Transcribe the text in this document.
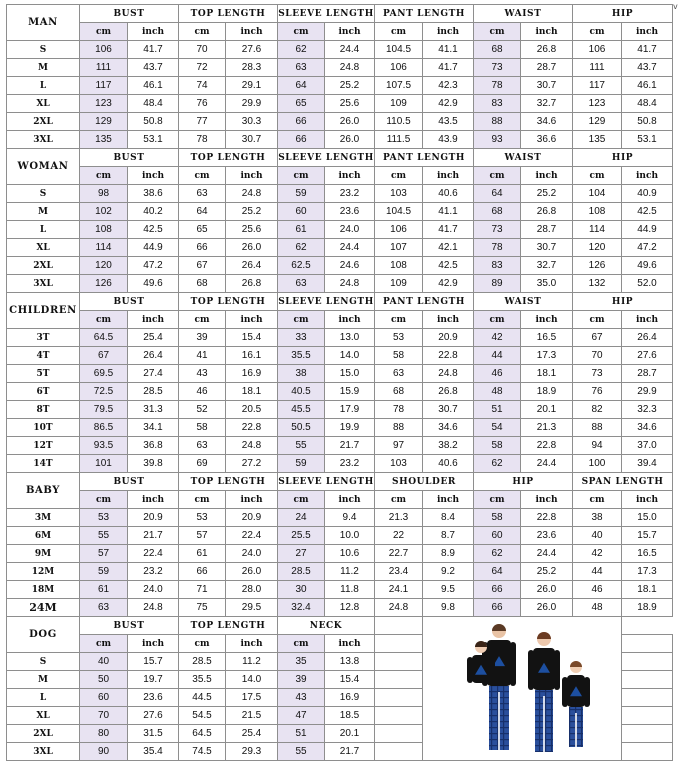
MAN	BUST		TOP LENGTH		SLEEVE LENGTH		PANT LENGTH		WAIST		HIP	
	cm	inch	cm	inch	cm	inch	cm	inch	cm	inch	cm	inch
S	106	41.7	70	27.6	62	24.4	104.5	41.1	68	26.8	106	41.7
M	111	43.7	72	28.3	63	24.8	106	41.7	73	28.7	111	43.7
L	117	46.1	74	29.1	64	25.2	107.5	42.3	78	30.7	117	46.1
XL	123	48.4	76	29.9	65	25.6	109	42.9	83	32.7	123	48.4
2XL	129	50.8	77	30.3	66	26.0	110.5	43.5	88	34.6	129	50.8
3XL	135	53.1	78	30.7	66	26.0	111.5	43.9	93	36.6	135	53.1
WOMAN	BUST		TOP LENGTH		SLEEVE LENGTH		PANT LENGTH		WAIST		HIP	
	cm	inch	cm	inch	cm	inch	cm	inch	cm	inch	cm	inch
S	98	38.6	63	24.8	59	23.2	103	40.6	64	25.2	104	40.9
M	102	40.2	64	25.2	60	23.6	104.5	41.1	68	26.8	108	42.5
L	108	42.5	65	25.6	61	24.0	106	41.7	73	28.7	114	44.9
XL	114	44.9	66	26.0	62	24.4	107	42.1	78	30.7	120	47.2
2XL	120	47.2	67	26.4	62.5	24.6	108	42.5	83	32.7	126	49.6
3XL	126	49.6	68	26.8	63	24.8	109	42.9	89	35.0	132	52.0
CHILDREN	BUST		TOP LENGTH		SLEEVE LENGTH		PANT LENGTH		WAIST		HIP	
	cm	inch	cm	inch	cm	inch	cm	inch	cm	inch	cm	inch
3T	64.5	25.4	39	15.4	33	13.0	53	20.9	42	16.5	67	26.4
4T	67	26.4	41	16.1	35.5	14.0	58	22.8	44	17.3	70	27.6
5T	69.5	27.4	43	16.9	38	15.0	63	24.8	46	18.1	73	28.7
6T	72.5	28.5	46	18.1	40.5	15.9	68	26.8	48	18.9	76	29.9
8T	79.5	31.3	52	20.5	45.5	17.9	78	30.7	51	20.1	82	32.3
10T	86.5	34.1	58	22.8	50.5	19.9	88	34.6	54	21.3	88	34.6
12T	93.5	36.8	63	24.8	55	21.7	97	38.2	58	22.8	94	37.0
14T	101	39.8	69	27.2	59	23.2	103	40.6	62	24.4	100	39.4
BABY	BUST		TOP LENGTH		SLEEVE LENGTH		SHOULDER		HIP		SPAN LENGTH	
	cm	inch	cm	inch	cm	inch	cm	inch	cm	inch	cm	inch
3M	53	20.9	53	20.9	24	9.4	21.3	8.4	58	22.8	38	15.0
6M	55	21.7	57	22.4	25.5	10.0	22	8.7	60	23.6	40	15.7
9M	57	22.4	61	24.0	27	10.6	22.7	8.9	62	24.4	42	16.5
12M	59	23.2	66	26.0	28.5	11.2	23.4	9.2	64	25.2	44	17.3
18M	61	24.0	71	28.0	30	11.8	24.1	9.5	66	26.0	46	18.1
24M	63	24.8	75	29.5	32.4	12.8	24.8	9.8	66	26.0	48	18.9
DOG	BUST		TOP LENGTH		NECK		
	cm	inch	cm	inch	cm	inch						
S	40	15.7	28.5	11.2	35	13.8						
M	50	19.7	35.5	14.0	39	15.4						
L	60	23.6	44.5	17.5	43	16.9						
XL	70	27.6	54.5	21.5	47	18.5						
2XL	80	31.5	64.5	25.4	51	20.1						
3XL	90	35.4	74.5	29.3	55	21.7						
v
